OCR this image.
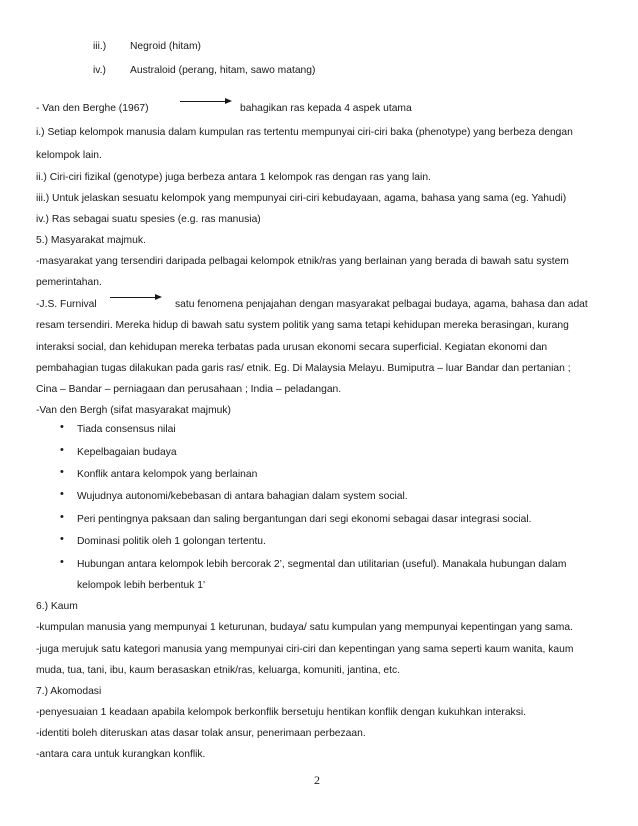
iii.) Negroid (hitam)
iv.) Australoid (perang, hitam, sawo matang)
- Van den Berghe (1967)	bahagikan ras kepada 4 aspek utama
i.) Setiap kelompok manusia dalam kumpulan ras tertentu mempunyai ciri-ciri baka (phenotype) yang berbeza dengan
kelompok lain.
ii.) Ciri-ciri fizikal (genotype) juga berbeza antara 1 kelompok ras dengan ras yang lain.
iii.) Untuk jelaskan sesuatu kelompok yang mempunyai ciri-ciri kebudayaan, agama, bahasa yang sama (eg. Yahudi)
iv.) Ras sebagai suatu spesies (e.g. ras manusia)
5.) Masyarakat majmuk.
-masyarakat yang tersendiri daripada pelbagai kelompok etnik/ras yang berlainan yang berada di bawah satu system
pemerintahan.
-J.S. Furnival	satu fenomena penjajahan dengan masyarakat pelbagai budaya, agama, bahasa dan adat
resam tersendiri. Mereka hidup di bawah satu system politik yang sama tetapi kehidupan mereka berasingan, kurang
interaksi social, dan kehidupan mereka terbatas pada urusan ekonomi secara superficial. Kegiatan ekonomi dan
pembahagian tugas dilakukan pada garis ras/ etnik. Eg. Di Malaysia Melayu. Bumiputra – luar Bandar dan pertanian ;
Cina – Bandar – perniagaan dan perusahaan ; India – peladangan.
-Van den Bergh (sifat masyarakat majmuk)
• Tiada consensus nilai
• Kepelbagaian budaya
• Konflik antara kelompok yang berlainan
• Wujudnya autonomi/kebebasan di antara bahagian dalam system social.
• Peri pentingnya paksaan dan saling bergantungan dari segi ekonomi sebagai dasar integrasi social.
• Dominasi politik oleh 1 golongan tertentu.
• Hubungan antara kelompok lebih bercorak 2’, segmental dan utilitarian (useful). Manakala hubungan dalam
kelompok lebih berbentuk 1’
6.) Kaum
-kumpulan manusia yang mempunyai 1 keturunan, budaya/ satu kumpulan yang mempunyai kepentingan yang sama.
-juga merujuk satu kategori manusia yang mempunyai ciri-ciri dan kepentingan yang sama seperti kaum wanita, kaum
muda, tua, tani, ibu, kaum berasaskan etnik/ras, keluarga, komuniti, jantina, etc.
7.) Akomodasi
-penyesuaian 1 keadaan apabila kelompok berkonflik bersetuju hentikan konflik dengan kukuhkan interaksi.
-identiti boleh diteruskan atas dasar tolak ansur, penerimaan perbezaan.
-antara cara untuk kurangkan konflik.
2
